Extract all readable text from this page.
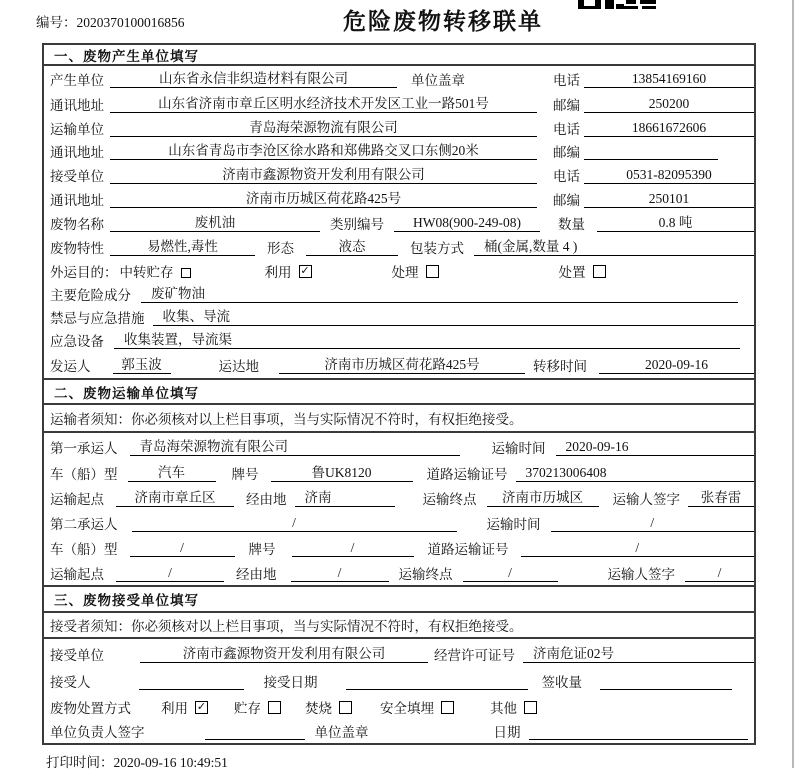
编号：2020370100016856	危险废物转移联单
一、废物产生单位填写
产生单位	山东省永信非织造材料有限公司	单位盖章	电话	13854169160
通讯地址	山东省济南市章丘区明水经济技术开发区工业一路501号	邮编	250200
运输单位	青岛海荣源物流有限公司	电话	18661672606
通讯地址	山东省青岛市李沧区徐水路和郑佛路交叉口东侧20米	邮编
接受单位	济南市鑫源物资开发利用有限公司	电话	0531-82095390
通讯地址	济南市历城区荷花路425号	邮编	250101
废物名称	废机油	类别编号	HW08(900-249-08)	数量	0.8 吨
废物特性	易燃性,毒性	形态	液态	包装方式	桶(金属,数量 4 )
外运目的： 中转贮存	利用 ✓	处理	处置
主要危险成分	废矿物油
禁忌与应急措施	收集、导流
应急设备	收集装置，导流渠
发运人	郭玉波	运达地	济南市历城区荷花路425号	转移时间	2020-09-16
二、废物运输单位填写
运输者须知：你必须核对以上栏目事项，当与实际情况不符时，有权拒绝接受。
第一承运人	青岛海荣源物流有限公司	运输时间	2020-09-16
车（船）型	汽车	牌号	鲁UK8120	道路运输证号	370213006408
运输起点	济南市章丘区	经由地	济南	运输终点	济南市历城区	运输人签字	张春雷
第二承运人	/	运输时间	/
车（船）型	/	牌号	/	道路运输证号	/
运输起点	/	经由地	/	运输终点	/	运输人签字	/
三、废物接受单位填写
接受者须知：你必须核对以上栏目事项，当与实际情况不符时，有权拒绝接受。
接受单位	济南市鑫源物资开发利用有限公司	经营许可证号	济南危证02号
接受人	接受日期	签收量
废物处置方式 利用 ✓ 贮存	焚烧	安全填埋	其他
单位负责人签字	单位盖章	日期
打印时间：2020-09-16 10:49:51
